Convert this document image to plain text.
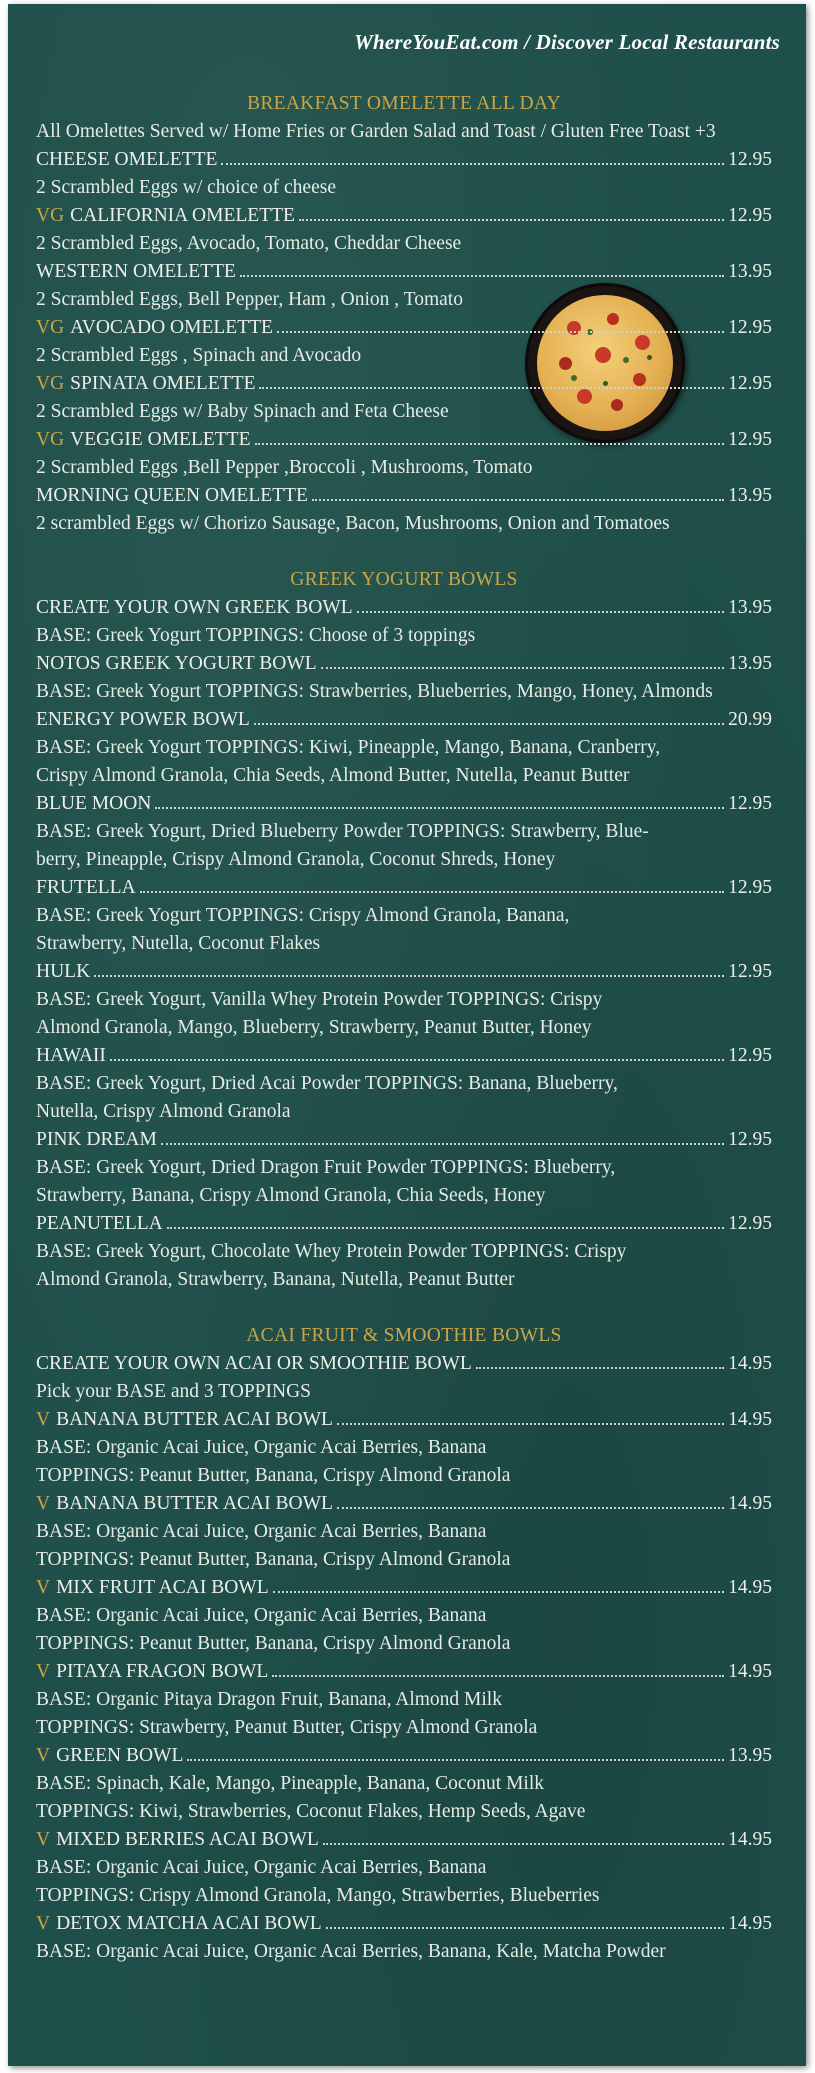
WhereYouEat.com / Discover Local Restaurants
BREAKFAST OMELETTE ALL DAY
All Omelettes Served w/ Home Fries or Garden Salad and Toast / Gluten Free Toast +3
CHEESE OMELETTE	12.95
2 Scrambled Eggs w/ choice of cheese
VG CALIFORNIA OMELETTE	12.95
2 Scrambled Eggs, Avocado, Tomato, Cheddar Cheese
WESTERN OMELETTE	13.95
2 Scrambled Eggs, Bell Pepper, Ham , Onion , Tomato
VG AVOCADO OMELETTE	12.95
2 Scrambled Eggs , Spinach and Avocado
VG SPINATA OMELETTE	12.95
2 Scrambled Eggs w/ Baby Spinach and Feta Cheese
VG VEGGIE OMELETTE	12.95
2 Scrambled Eggs ,Bell Pepper ,Broccoli , Mushrooms, Tomato
MORNING QUEEN OMELETTE	13.95
2 scrambled Eggs w/ Chorizo Sausage, Bacon, Mushrooms, Onion and Tomatoes
GREEK YOGURT BOWLS
CREATE YOUR OWN GREEK BOWL	13.95
BASE: Greek Yogurt TOPPINGS: Choose of 3 toppings
NOTOS GREEK YOGURT BOWL	13.95
BASE: Greek Yogurt TOPPINGS: Strawberries, Blueberries, Mango, Honey, Almonds
ENERGY POWER BOWL	20.99
BASE: Greek Yogurt TOPPINGS: Kiwi, Pineapple, Mango, Banana, Cranberry,
Crispy Almond Granola, Chia Seeds, Almond Butter, Nutella, Peanut Butter
BLUE MOON	12.95
BASE: Greek Yogurt, Dried Blueberry Powder TOPPINGS: Strawberry, Blue-
berry, Pineapple, Crispy Almond Granola, Coconut Shreds, Honey
FRUTELLA	12.95
BASE: Greek Yogurt TOPPINGS: Crispy Almond Granola, Banana,
Strawberry, Nutella, Coconut Flakes
HULK	12.95
BASE: Greek Yogurt, Vanilla Whey Protein Powder TOPPINGS: Crispy
Almond Granola, Mango, Blueberry, Strawberry, Peanut Butter, Honey
HAWAII	12.95
BASE: Greek Yogurt, Dried Acai Powder TOPPINGS: Banana, Blueberry,
Nutella, Crispy Almond Granola
PINK DREAM	12.95
BASE: Greek Yogurt, Dried Dragon Fruit Powder TOPPINGS: Blueberry,
Strawberry, Banana, Crispy Almond Granola, Chia Seeds, Honey
PEANUTELLA	12.95
BASE: Greek Yogurt, Chocolate Whey Protein Powder TOPPINGS: Crispy
Almond Granola, Strawberry, Banana, Nutella, Peanut Butter
ACAI FRUIT & SMOOTHIE BOWLS
CREATE YOUR OWN ACAI OR SMOOTHIE BOWL	14.95
Pick your BASE and 3 TOPPINGS
V BANANA BUTTER ACAI BOWL	14.95
BASE: Organic Acai Juice, Organic Acai Berries, Banana
TOPPINGS: Peanut Butter, Banana, Crispy Almond Granola
V BANANA BUTTER ACAI BOWL	14.95
BASE: Organic Acai Juice, Organic Acai Berries, Banana
TOPPINGS: Peanut Butter, Banana, Crispy Almond Granola
V MIX FRUIT ACAI BOWL	14.95
BASE: Organic Acai Juice, Organic Acai Berries, Banana
TOPPINGS: Peanut Butter, Banana, Crispy Almond Granola
V PITAYA FRAGON BOWL	14.95
BASE: Organic Pitaya Dragon Fruit, Banana, Almond Milk
TOPPINGS: Strawberry, Peanut Butter, Crispy Almond Granola
V GREEN BOWL	13.95
BASE: Spinach, Kale, Mango, Pineapple, Banana, Coconut Milk
TOPPINGS: Kiwi, Strawberries, Coconut Flakes, Hemp Seeds, Agave
V MIXED BERRIES ACAI BOWL	14.95
BASE: Organic Acai Juice, Organic Acai Berries, Banana
TOPPINGS: Crispy Almond Granola, Mango, Strawberries, Blueberries
V DETOX MATCHA ACAI BOWL	14.95
BASE: Organic Acai Juice, Organic Acai Berries, Banana, Kale, Matcha Powder
